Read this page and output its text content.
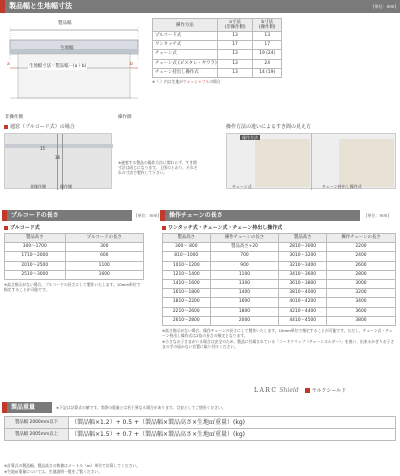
製品幅と生地幅寸法	[単位：mm]
製品幅
生地幅
生地幅寸法＝製品幅－(a＋b)
a	b
非操作側	操作側
操作方法	a寸法
(非操作側)	b寸法
(操作側)
プルコード式	13	13
ワンタッチ式	17	17
チェーン式	13	19 (24)
チェーン式 (ピスタレ・ヤワラ)	13	24
チェーン持出し操作式	13	14 (19)
※（ ）内は生地がウォッシャブルの場合
通窓（プルコード式）の場合
15
36
非操作側	操作側
※連窓する製品の操作方法に関わらず、すき間寸法は同じになります。上図のとおり、それぞれの寸法で製作して下さい。
操作方法の違いによるすき間の見え方
操作方法
チェーン式	チェーン持出し操作式
プルコードの長さ	[単位：mm]
プルコード式
製品高さ	プルコードの長さ
300～1700	300
1710～2000	600
2010～2500	1100
2510～3000	1600
※高さ指示がない場合、プルコードの長さにして製作いたします。10mm単位で指定することが可能です。
操作チェーンの長さ	[単位：mm]
ワンタッチ式・チェーン式・チェーン持出し操作式
製品高さ	操作チェーンの長さ	製品高さ	操作チェーンの長さ
300～ 800	製品高さ+20	2810～3000	2200
810～1000	700	3010～3200	2400
1010～1200	900	3210～3400	2600
1210～1400	1100	3410～3600	2800
1410～1600	1300	3610～3800	3000
1610～1800	1400	3810～4000	3200
1810～2200	1600	4010～4200	3400
2210～2600	1800	4210～4400	3600
2610～2800	2000	4410～4500	3800
※高さ指示がない場合、操作チェーンの長さにして製作いたします。10mm単位で指定することが可能です。ただし、チェーン式・チェーン持出し操作式は2倍の長さの指定となります。
※小さなお子さまがいる場合は安全のため、製品に付属されている「コードクリップ（チェーンホルダー）」を使い、出来るかぎりお子さまの手の届かない位置に取り付けください。
LARC Shield	ラルクシールド
製品重量	※下記は計算式の値です。実際の重量とは若干異なる場合があります。目安としてご使用ください。
製品幅 2000mm以下	（製品幅×1.2）+ 0.5 +（製品幅×製品高さ×生地㎡重量）(kg)
製品幅 2005mm以上	（製品幅×1.5）+ 0.7 +（製品幅×製品高さ×生地㎡重量）(kg)
※計算式の製品幅、製品高さの数値はメートル（m）単位で計算してください。
※生地㎡重量については、生地説明一覧をご覧ください。
